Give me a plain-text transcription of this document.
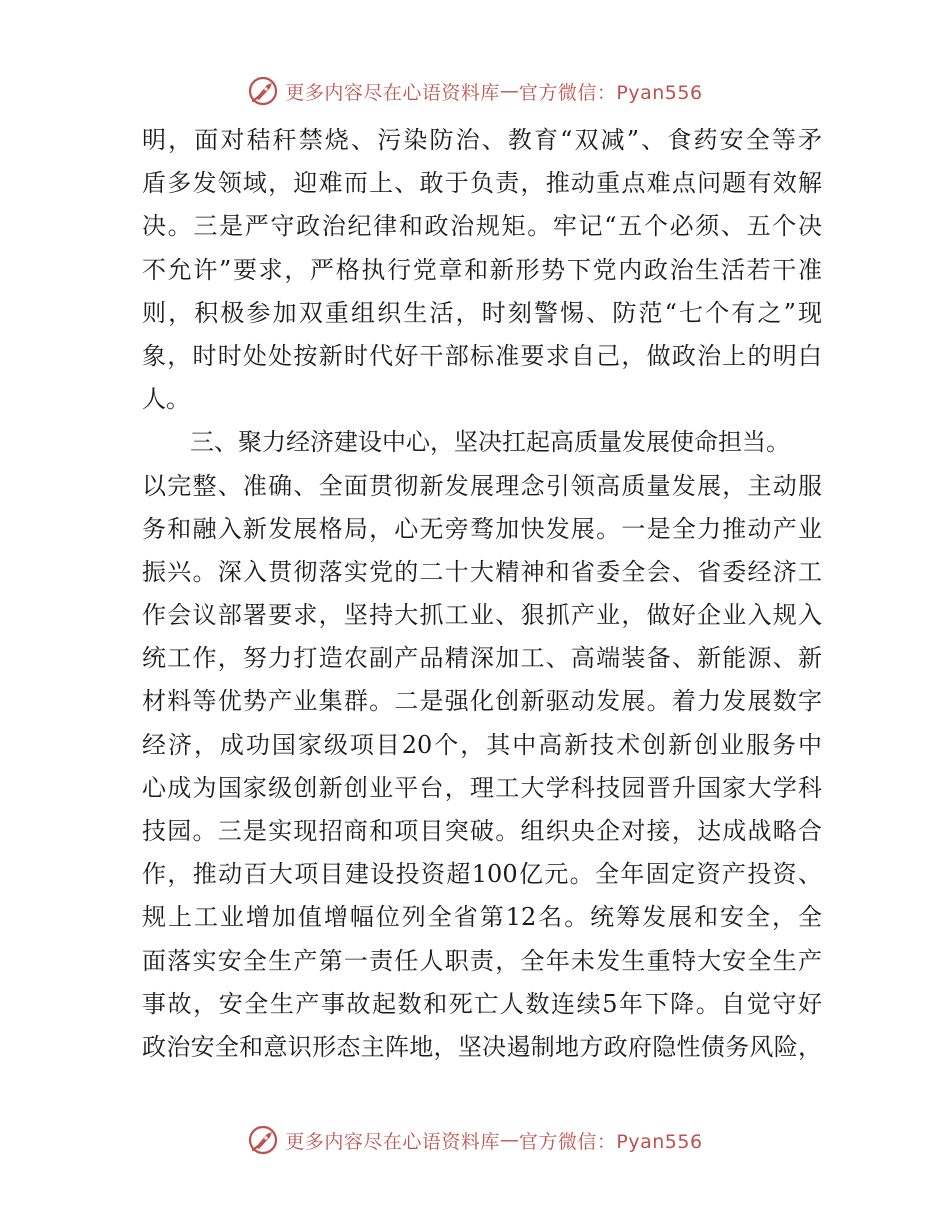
更多内容尽在心语资料库 — 官方微信：Pyan556
明，面对秸秆禁烧、污染防治、教育“双减”、食药安全等矛
盾多发领域，迎难而上、敢于负责，推动重点难点问题有效解
决。三是严守政治纪律和政治规矩。牢记“五个必须、五个决
不允许”要求，严格执行党章和新形势下党内政治生活若干准
则，积极参加双重组织生活，时刻警惕、防范“七个有之”现
象，时时处处按新时代好干部标准要求自己，做政治上的明白
人。
三、聚力经济建设中心，坚决扛起高质量发展使命担当。
以完整、准确、全面贯彻新发展理念引领高质量发展，主动服
务和融入新发展格局，心无旁骛加快发展。一是全力推动产业
振兴。深入贯彻落实党的二十大精神和省委全会、省委经济工
作会议部署要求，坚持大抓工业、狠抓产业，做好企业入规入
统工作，努力打造农副产品精深加工、高端装备、新能源、新
材料等优势产业集群。二是强化创新驱动发展。着力发展数字
经济，成功国家级项目20个，其中高新技术创新创业服务中
心成为国家级创新创业平台，理工大学科技园晋升国家大学科
技园。三是实现招商和项目突破。组织央企对接，达成战略合
作，推动百大项目建设投资超100亿元。全年固定资产投资、
规上工业增加值增幅位列全省第12名。统筹发展和安全，全
面落实安全生产第一责任人职责，全年未发生重特大安全生产
事故，安全生产事故起数和死亡人数连续5年下降。自觉守好
政治安全和意识形态主阵地，坚决遏制地方政府隐性债务风险，
更多内容尽在心语资料库 — 官方微信：Pyan556
